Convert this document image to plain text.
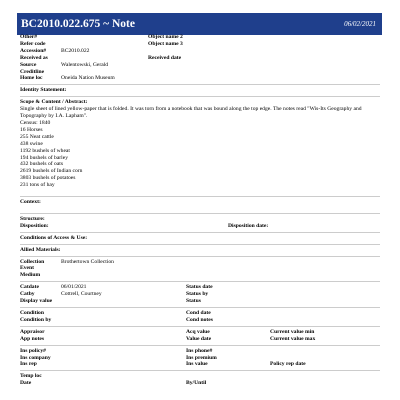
BC2010.022.675 ~ Note	06/02/2021
Other#	Object name 2
Refer code	Object name 3
Accession#	BC2010.022
Received as	Received date
Source	Walentowski, Gerald
Creditline
Home loc	Oneida Nation Museum
Identity Statement:
Scope & Content / Abstract:
Single sheet of lined yellow-paper that is folded. It was torn from a notebook that was bound along the top edge. The notes read "Wis-Its Geography and Topography by I.A. Lapham".
Census: 1840
16 Horses
255 Neat cattle
438 swine
1192 bushels of wheat
194 bushels of barley
432 bushels of oats
2619 bushels of Indian corn
3803 bushels of potatoes
231 tons of hay
Context:
Structure:
Disposition:	Disposition date:
Conditions of Access & Use:
Allied Materials:
Collection	Brothertown Collection
Event
Medium
Catdate	06/01/2021	Status date
Catby	Cottrell, Courtney	Status by
Display value	Status
Condition	Cond date
Condition by	Cond notes
Appraisor	Acq value	Current value min
App notes	Value date	Current value max
Ins policy#	Ins phone#
Ins company	Ins premium
Ins rep	Ins value	Policy rep date
Temp loc
Date	By/Until
